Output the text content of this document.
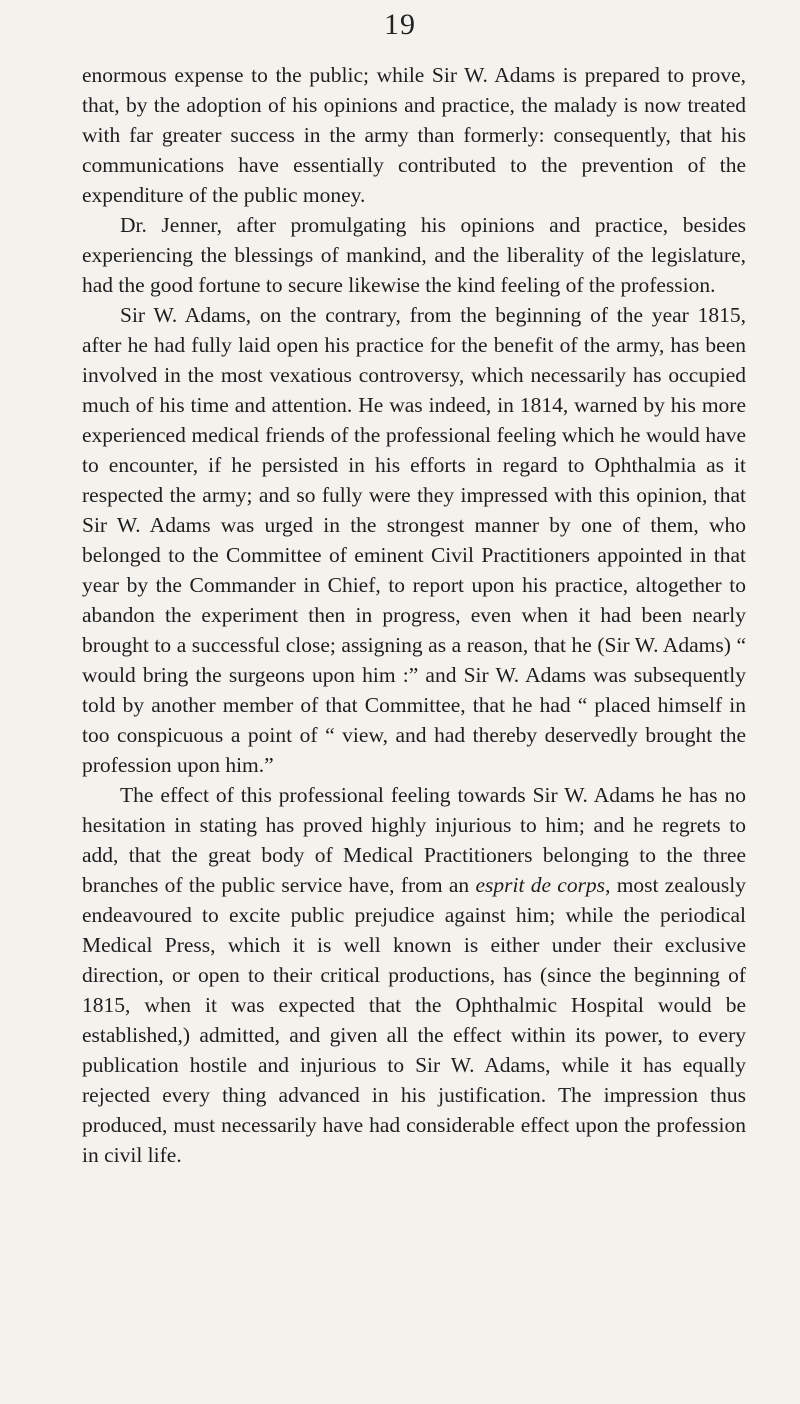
19

enormous expense to the public; while Sir W. Adams is prepared to prove, that, by the adoption of his opinions and practice, the malady is now treated with far greater success in the army than formerly: consequently, that his communications have essentially contributed to the prevention of the expenditure of the public money.

Dr. Jenner, after promulgating his opinions and practice, besides experiencing the blessings of mankind, and the liberality of the legislature, had the good fortune to secure likewise the kind feeling of the profession.

Sir W. Adams, on the contrary, from the beginning of the year 1815, after he had fully laid open his practice for the benefit of the army, has been involved in the most vexatious controversy, which necessarily has occupied much of his time and attention. He was indeed, in 1814, warned by his more experienced medical friends of the professional feeling which he would have to encounter, if he persisted in his efforts in regard to Ophthalmia as it respected the army; and so fully were they impressed with this opinion, that Sir W. Adams was urged in the strongest manner by one of them, who belonged to the Committee of eminent Civil Practitioners appointed in that year by the Commander in Chief, to report upon his practice, altogether to abandon the experiment then in progress, even when it had been nearly brought to a successful close; assigning as a reason, that he (Sir W. Adams) “ would bring the surgeons upon him :” and Sir W. Adams was subsequently told by another member of that Committee, that he had “ placed himself in too conspicuous a point of “ view, and had thereby deservedly brought the profession upon him.”

The effect of this professional feeling towards Sir W. Adams he has no hesitation in stating has proved highly injurious to him; and he regrets to add, that the great body of Medical Practitioners belonging to the three branches of the public service have, from an esprit de corps, most zealously endeavoured to excite public prejudice against him; while the periodical Medical Press, which it is well known is either under their exclusive direction, or open to their critical productions, has (since the beginning of 1815, when it was expected that the Ophthalmic Hospital would be established,) admitted, and given all the effect within its power, to every publication hostile and injurious to Sir W. Adams, while it has equally rejected every thing advanced in his justification. The impression thus produced, must necessarily have had considerable effect upon the profession in civil life.
